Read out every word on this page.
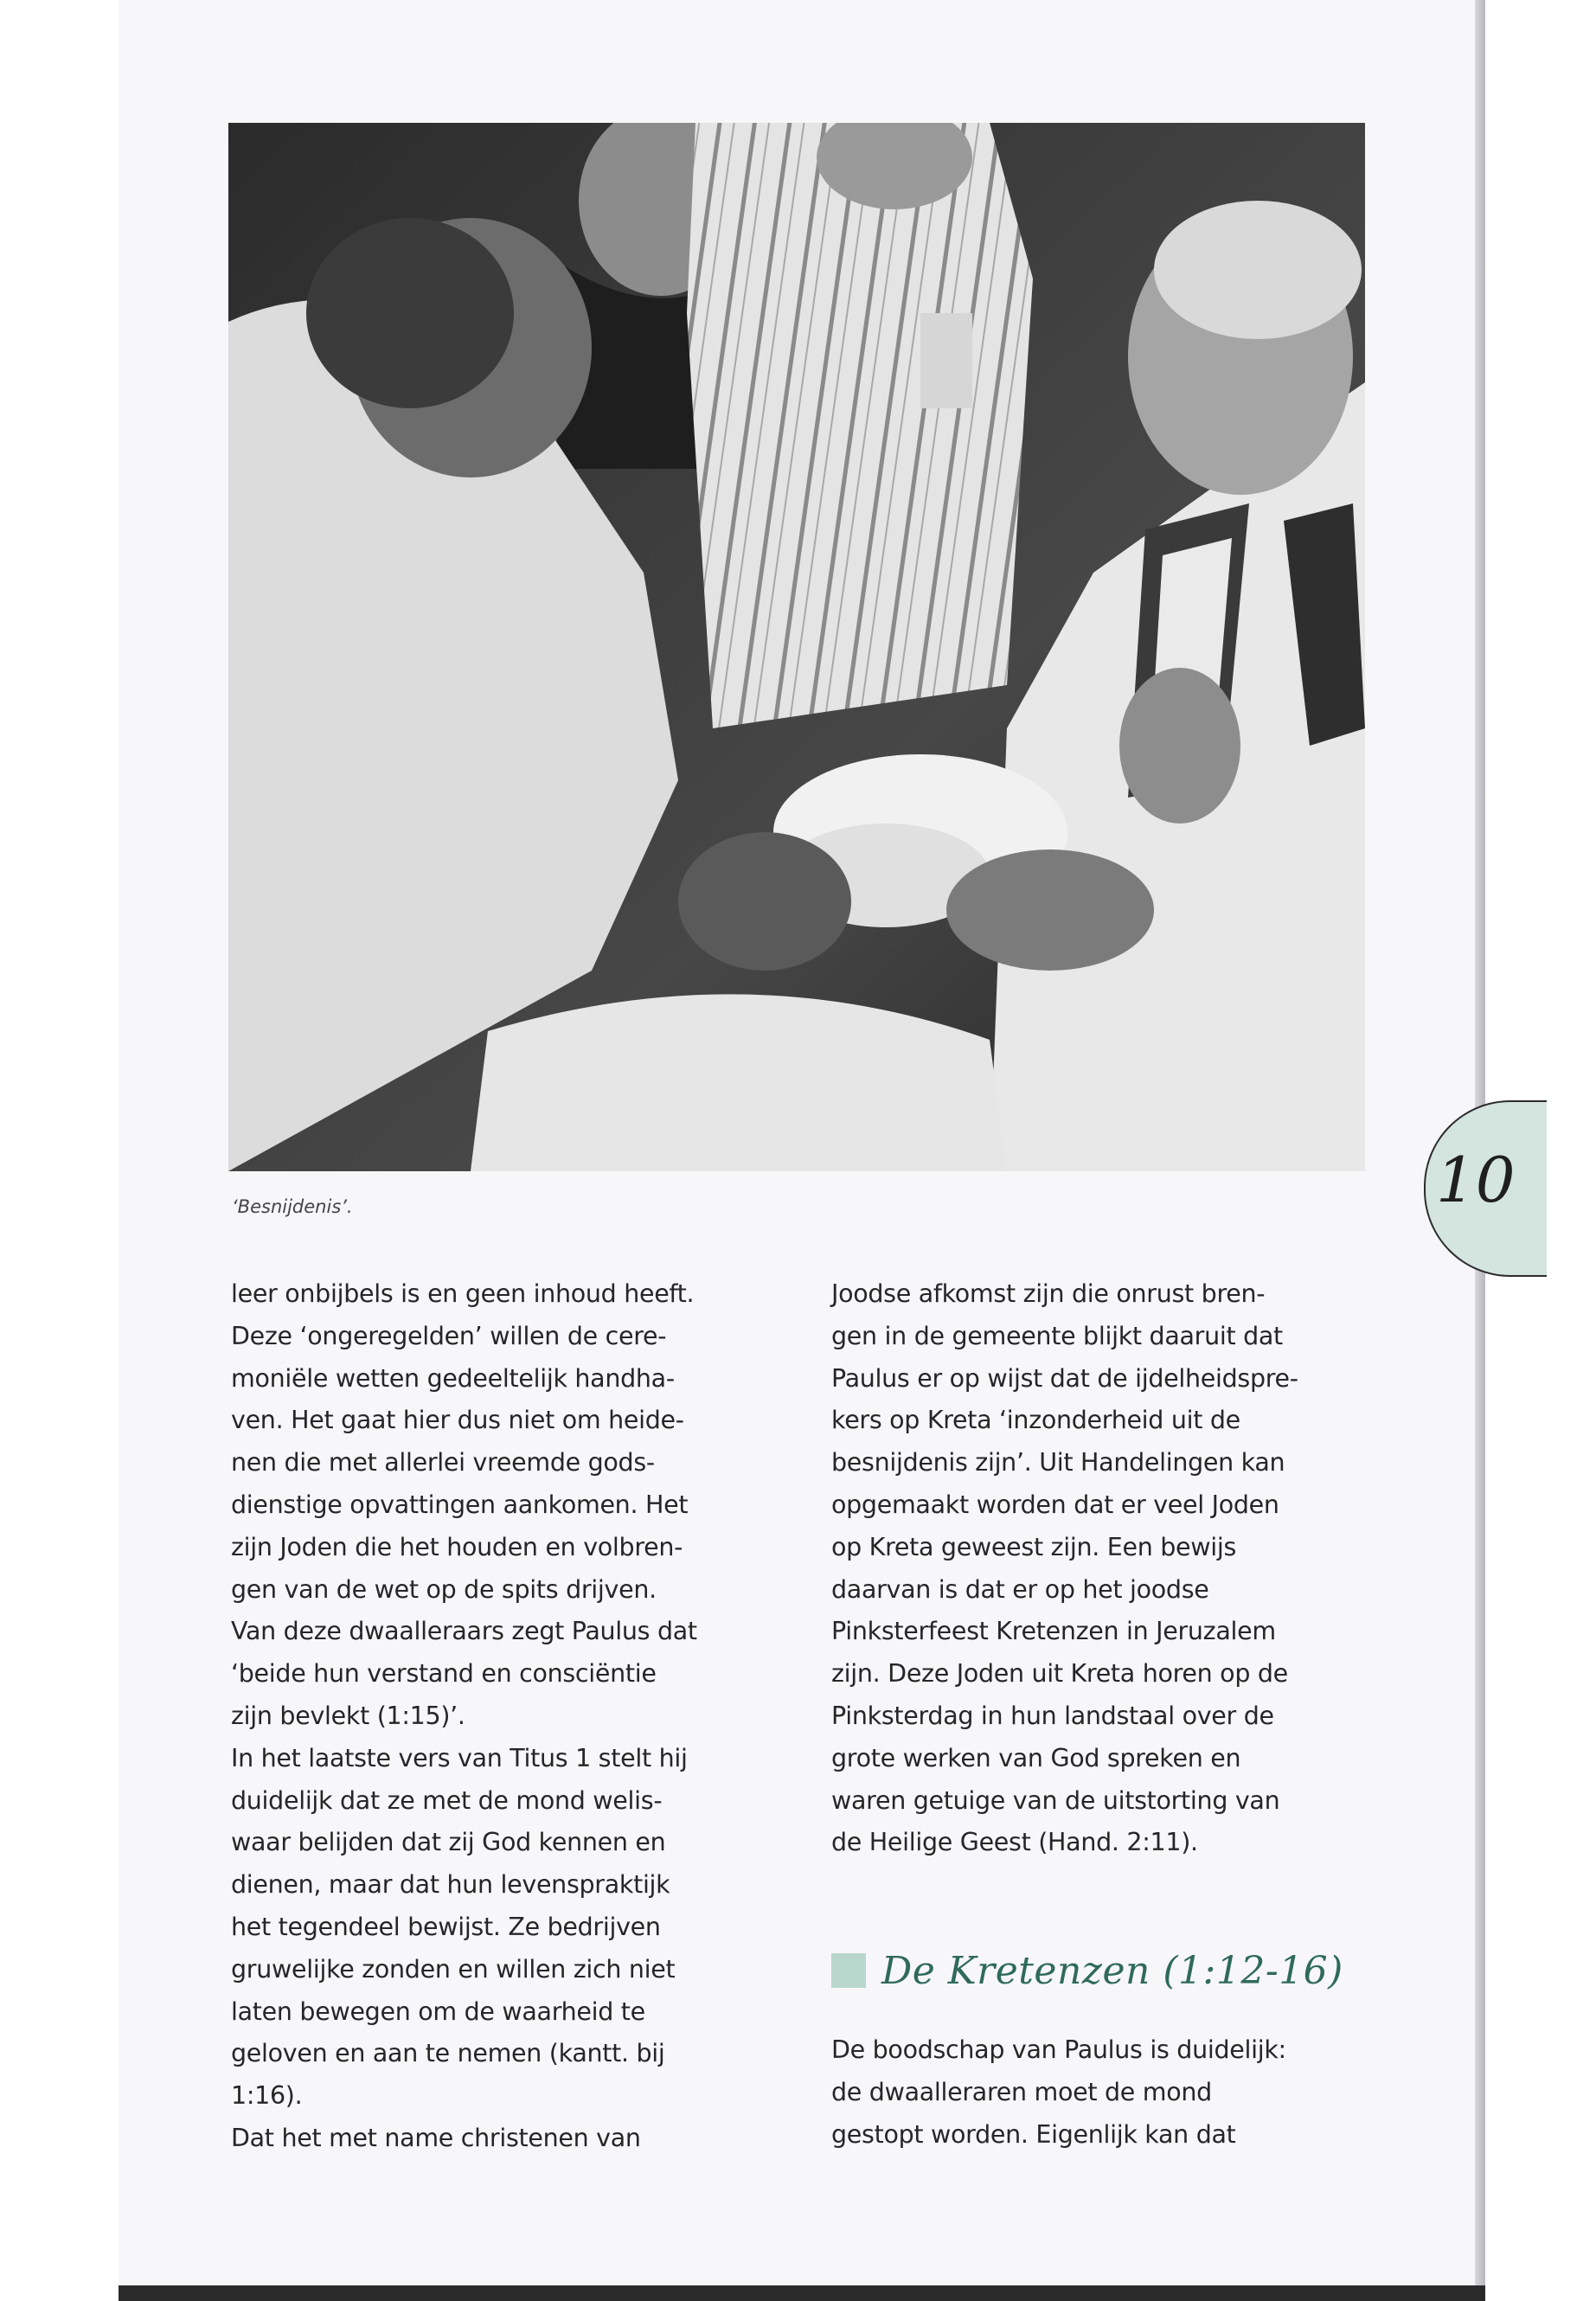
‘Besnijdenis’.	10
leer onbijbels is en geen inhoud heeft.
Deze ‘ongeregelden’ willen de cere-
moniële wetten gedeeltelijk handha-
ven. Het gaat hier dus niet om heide-
nen die met allerlei vreemde gods-
dienstige opvattingen aankomen. Het
zijn Joden die het houden en volbren-
gen van de wet op de spits drijven.
Van deze dwaalleraars zegt Paulus dat
‘beide hun verstand en consciëntie
zijn bevlekt (1:15)’.
In het laatste vers van Titus 1 stelt hij
duidelijk dat ze met de mond welis-
waar belijden dat zij God kennen en
dienen, maar dat hun levenspraktijk
het tegendeel bewijst. Ze bedrijven
gruwelijke zonden en willen zich niet
laten bewegen om de waarheid te
geloven en aan te nemen (kantt. bij
1:16).
Dat het met name christenen van
Joodse afkomst zijn die onrust bren-
gen in de gemeente blijkt daaruit dat
Paulus er op wijst dat de ijdelheidspre-
kers op Kreta ‘inzonderheid uit de
besnijdenis zijn’. Uit Handelingen kan
opgemaakt worden dat er veel Joden
op Kreta geweest zijn. Een bewijs
daarvan is dat er op het joodse
Pinksterfeest Kretenzen in Jeruzalem
zijn. Deze Joden uit Kreta horen op de
Pinksterdag in hun landstaal over de
grote werken van God spreken en
waren getuige van de uitstorting van
de Heilige Geest (Hand. 2:11).
De Kretenzen (1:12-16)
De boodschap van Paulus is duidelijk:
de dwaalleraren moet de mond
gestopt worden. Eigenlijk kan dat
